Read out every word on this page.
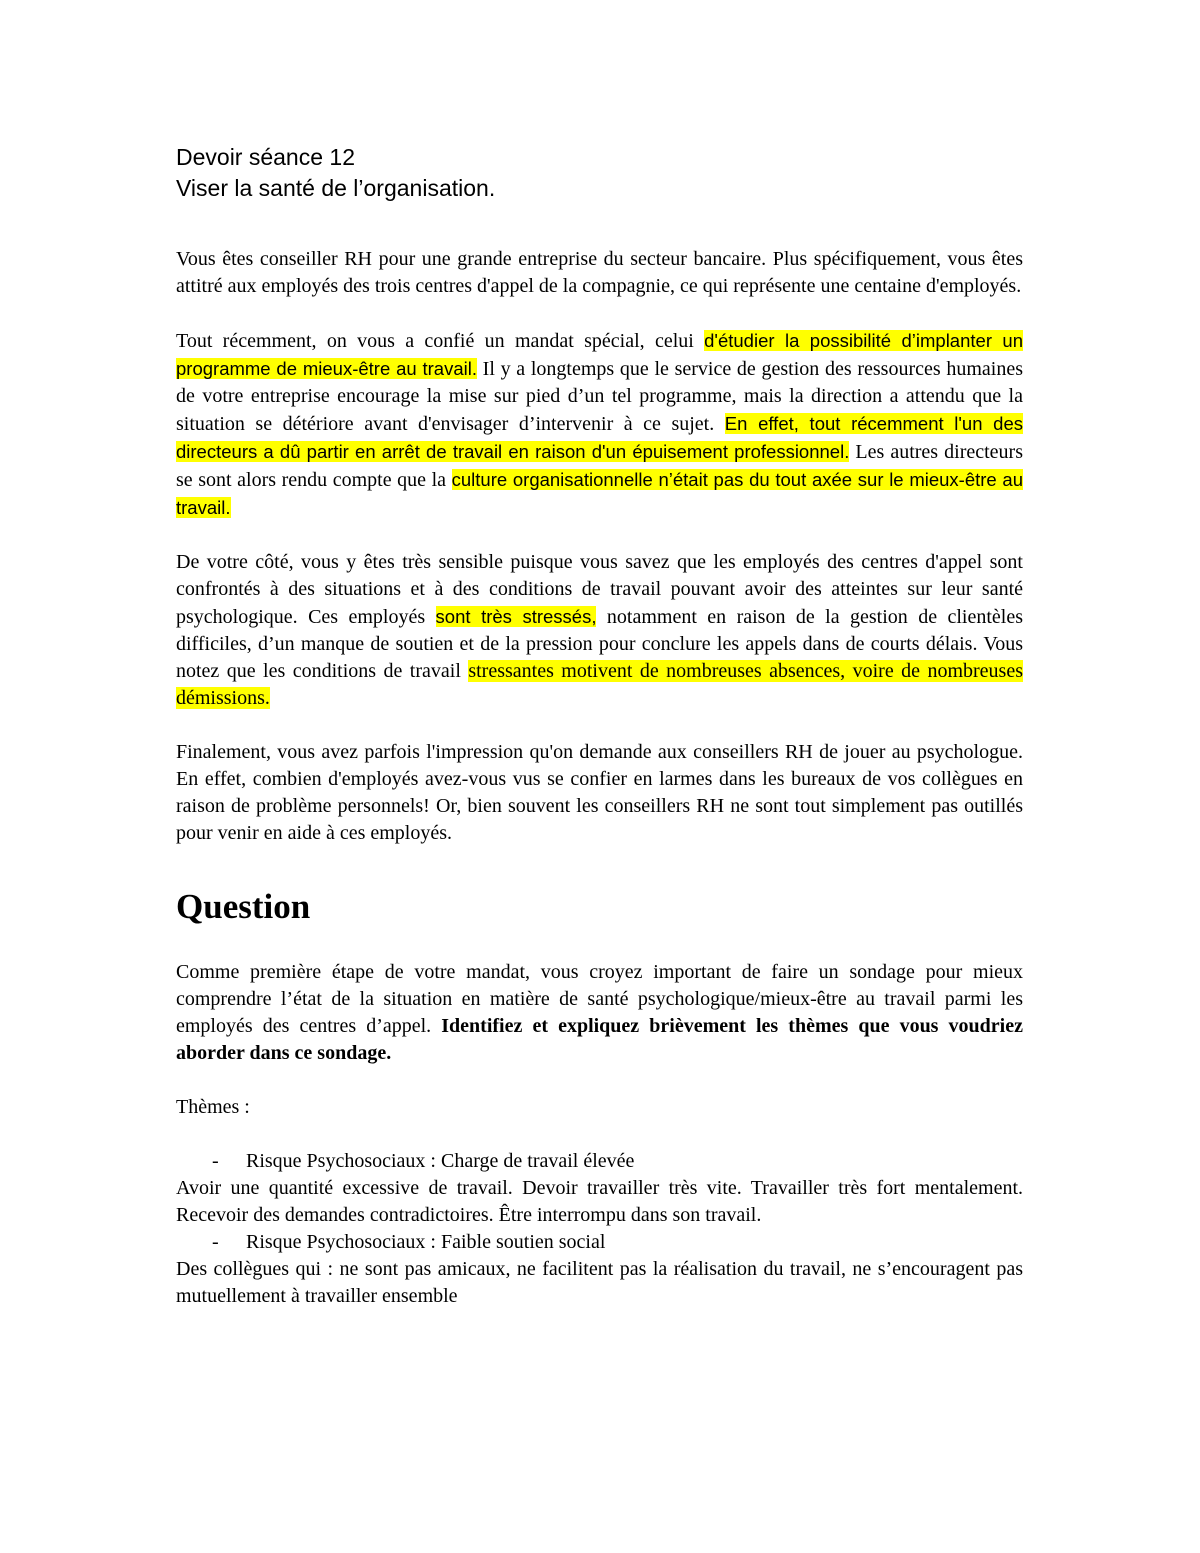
Devoir séance 12
Viser la santé de l’organisation.

Vous êtes conseiller RH pour une grande entreprise du secteur bancaire. Plus spécifiquement, vous êtes attitré aux employés des trois centres d'appel de la compagnie, ce qui représente une centaine d'employés.

Tout récemment, on vous a confié un mandat spécial, celui d'étudier la possibilité d’implanter un programme de mieux-être au travail. Il y a longtemps que le service de gestion des ressources humaines de votre entreprise encourage la mise sur pied d’un tel programme, mais la direction a attendu que la situation se détériore avant d'envisager d’intervenir à ce sujet. En effet, tout récemment l'un des directeurs a dû partir en arrêt de travail en raison d'un épuisement professionnel. Les autres directeurs se sont alors rendu compte que la culture organisationnelle n’était pas du tout axée sur le mieux-être au travail.

De votre côté, vous y êtes très sensible puisque vous savez que les employés des centres d'appel sont confrontés à des situations et à des conditions de travail pouvant avoir des atteintes sur leur santé psychologique. Ces employés sont très stressés, notamment en raison de la gestion de clientèles difficiles, d’un manque de soutien et de la pression pour conclure les appels dans de courts délais. Vous notez que les conditions de travail stressantes motivent de nombreuses absences, voire de nombreuses démissions.

Finalement, vous avez parfois l'impression qu'on demande aux conseillers RH de jouer au psychologue. En effet, combien d'employés avez-vous vus se confier en larmes dans les bureaux de vos collègues en raison de problème personnels! Or, bien souvent les conseillers RH ne sont tout simplement pas outillés pour venir en aide à ces employés.

Question

Comme première étape de votre mandat, vous croyez important de faire un sondage pour mieux comprendre l’état de la situation en matière de santé psychologique/mieux-être au travail parmi les employés des centres d’appel. Identifiez et expliquez brièvement les thèmes que vous voudriez aborder dans ce sondage.

Thèmes :

-	Risque Psychosociaux : Charge de travail élevée

Avoir une quantité excessive de travail. Devoir travailler très vite. Travailler très fort mentalement. Recevoir des demandes contradictoires. Être interrompu dans son travail.

-	Risque Psychosociaux : Faible soutien social

Des collègues qui : ne sont pas amicaux, ne facilitent pas la réalisation du travail, ne s’encouragent pas mutuellement à travailler ensemble
